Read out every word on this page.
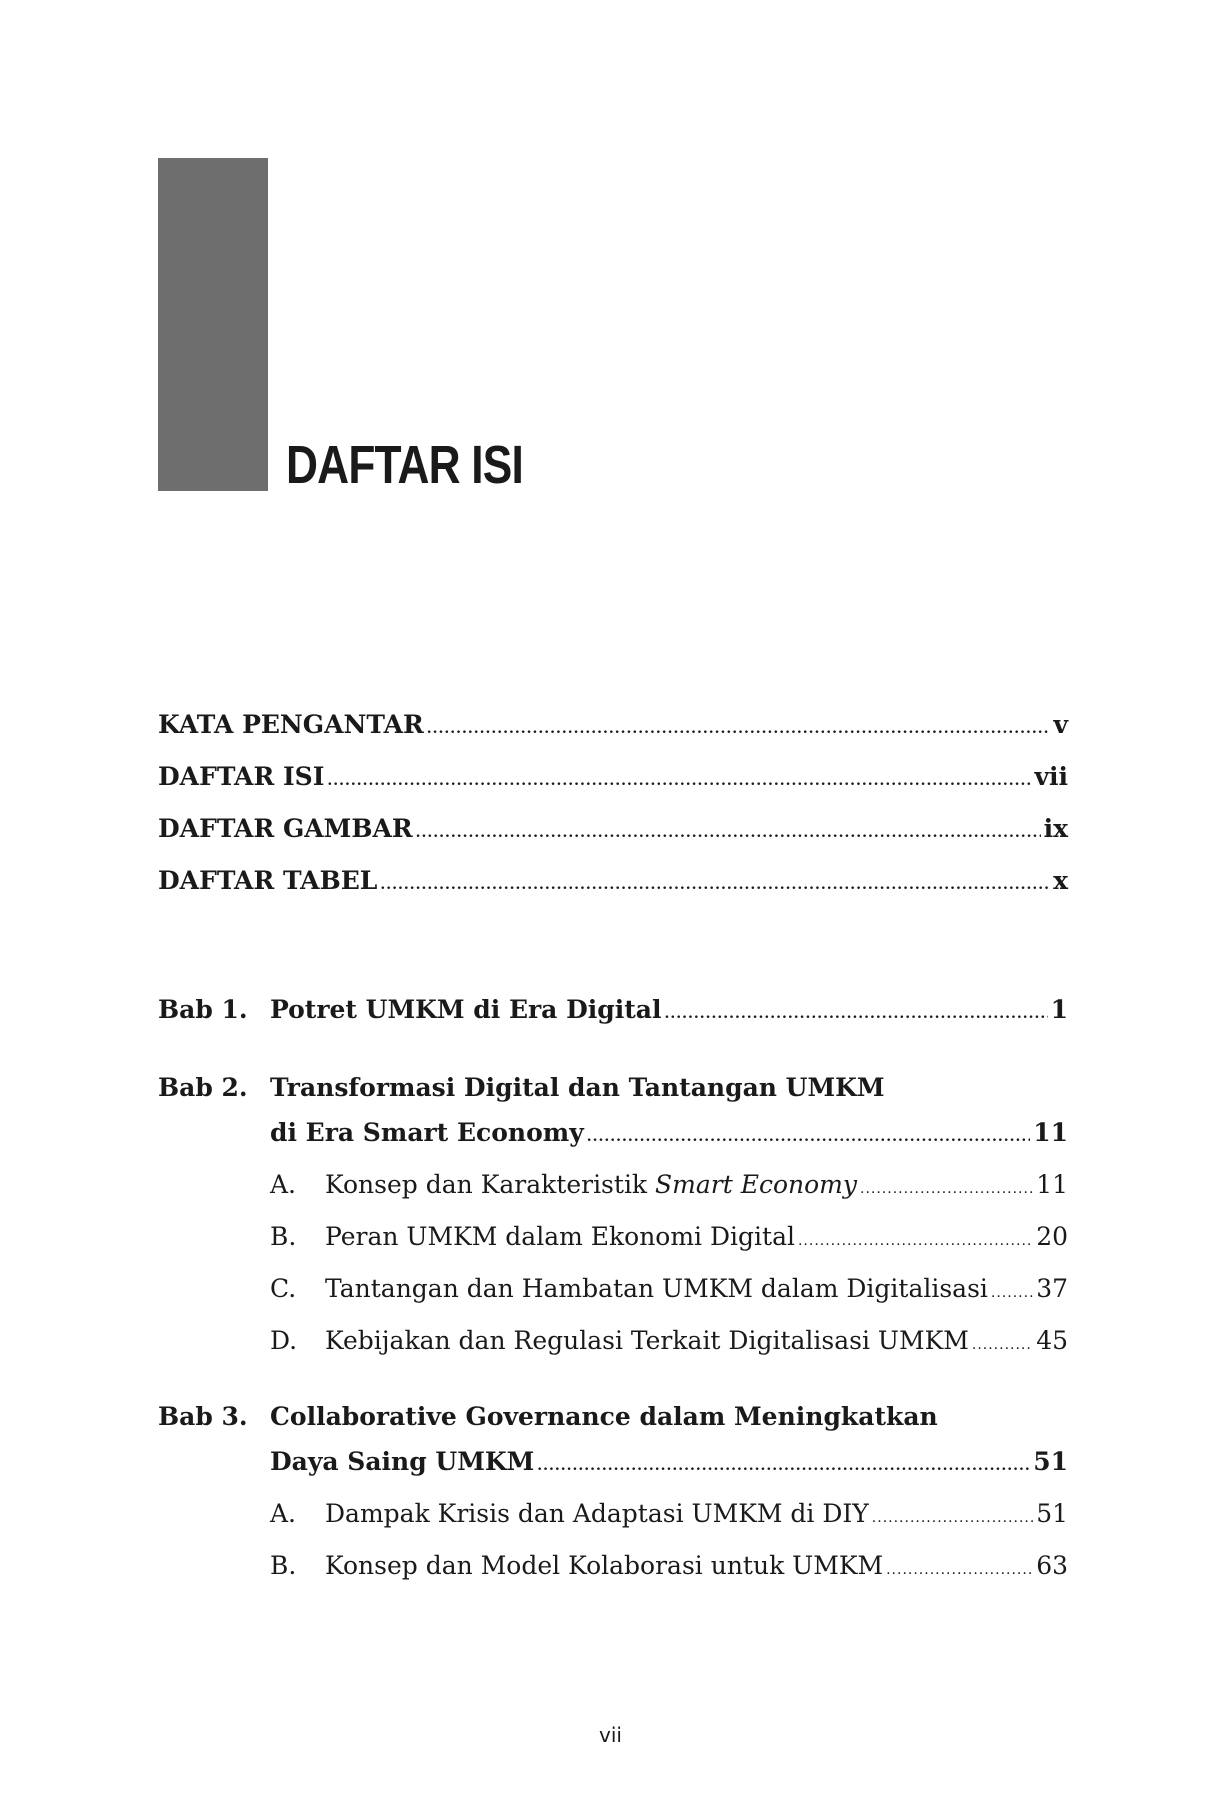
DAFTAR ISI
KATA PENGANTAR .....	v
DAFTAR ISI .....	vii
DAFTAR GAMBAR .....	ix
DAFTAR TABEL .....	x
Bab 1. Potret UMKM di Era Digital .....	1
Bab 2. Transformasi Digital dan Tantangan UMKM
di Era Smart Economy .....	11
A. Konsep dan Karakteristik Smart Economy .....	11
B. Peran UMKM dalam Ekonomi Digital .....	20
C. Tantangan dan Hambatan UMKM dalam Digitalisasi ..... 37
D. Kebijakan dan Regulasi Terkait Digitalisasi UMKM .....	45
Bab 3. Collaborative Governance dalam Meningkatkan
Daya Saing UMKM .....	51
A. Dampak Krisis dan Adaptasi UMKM di DIY .....	51
B. Konsep dan Model Kolaborasi untuk UMKM .....	63
vii
